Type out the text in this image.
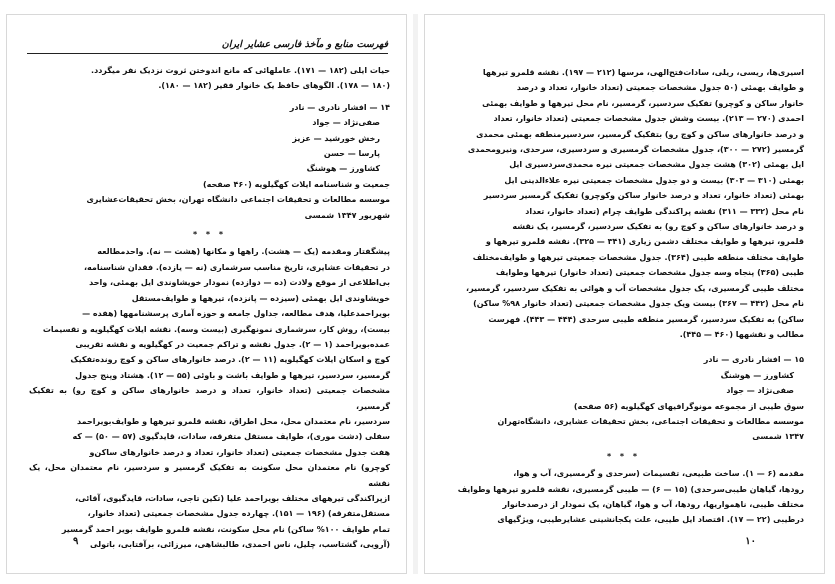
فهرست منابع و مآخذ فارسی عشایر ایران

حیات ایلی (۱۸۲ — ۱۷۱). عاملهائی که مانع اندوختن ثروت نزدیک نفر میگردد.

(۱۸۰ — ۱۷۸). الگوهای حافظ یک خانوار فقیر (۱۸۲ — ۱۸۰).

۱۴ — افشار نادری — نادر

صفی‌نژاد — جواد

رخش خورشید — عزیز

پارسا — حسن

کشاورز — هوشنگ

جمعیت و شناسنامه ایلات کهگیلویه (۴۶۰ صفحه)

موسسه مطالعات و تحقیقات اجتماعی دانشگاه تهران، بخش تحقیقات‌عشایری

شهریور ۱۳۴۷ شمسی

* * *

پیشگفتار ومقدمه (یک — هشت). راهها و مکانها (هشت — نه). واحدمطالعه

در تحقیقات عشایری، تاریخ مناسب سرشماری (نه — یازده). فقدان شناسنامه،

بی‌اطلاعی از موقع ولادت (ده — دوازده) نمودار خویشاوندی ایل بهمئی، واحد

خویشاوندی ایل بهمئی (سیزده — پانزده)، تیرهها و طوایف‌مستقل

بویراحمدعلیا، هدف مطالعه، جداول جامعه و حوزه آماری پرسشنامهها (هفده —

بیست)، روش کار، سرشماری نمونهگیری (بیست وسه). نقشه ایلات کهگیلویه و تقسیمات

عمده‌بویراحمد (۱ — ۲). جدول نقشه و تراکم جمعیت در کهگیلویه و نقشه تقریبی

کوچ و اسکان ایلات کهگیلویه (۱۱ — ۲). درصد خانوارهای ساکن و کوچ رونده‌تفکیک

گرمسیر، سردسیر، تیرهها و طوایف باشت و باوئی (۵۵ — ۱۲). هشتاد وپنج جدول

مشخصات جمعیتی (تعداد خانوار، تعداد و درصد خانوارهای ساکن و کوچ رو) به تفکیک گرمسیر،

سردسیر، نام معتمدان محل، محل اطراق، نقشه قلمرو تیرهها و طوایف‌بویراحمد

سفلی (دشت موری)، طوایف مستقل متفرقه، سادات، قایدگیوی (۵۷ — ۵۰) — که

هفت جدول مشخصات جمعیتی (تعداد خانوار، تعداد و درصد خانوارهای ساکن‌و

کوچرو) نام معتمدان محل سکونت به تفکیک گرمسیر و سردسیر، نام معتمدان محل، یک نقشه

ازپراکندگی تیرههای مختلف بویراحمد علیا (تکین تاجی، سادات، قایدگیوی، آقائی،

مستقل‌متفرقه) (۱۹۶ — ۱۵۱). چهارده جدول مشخصات جمعیتی (تعداد خانوار،

تمام طوایف ۱۰۰% ساکن) نام محل سکونت، نقشه قلمرو طوایف بویر احمد گرمسیر

(آرویی، گشتاسب، چلیل، ناس احمدی، طالبشاهی، میرزائی، برآفتابی، باتولی

۹

اسیری‌ها، ریسی، ریلی، سادات‌فتح‌الهی، مرسها (۲۱۲ — ۱۹۷). نقشه قلمرو تیرهها

و طوایف بهمئی (۵۰ جدول مشخصات جمعیتی (تعداد خانوار، تعداد و درصد

خانوار ساکن و کوچرو) تفکیک سردسیر، گرمسیر، نام محل تیرهها و طوایف بهمئی

احمدی (۲۷۰ — ۲۱۳). بیست وشش جدول مشخصات جمعیتی (تعداد خانوار، تعداد

و درصد خانوارهای ساکن و کوچ رو) بتفکیک گرمسیر، سردسیرمنطقه بهمئی محمدی

گرمسیر (۲۷۲ — ۳۰۰)، جدول مشخصات گرمسیری و سردسیری، سرحدی، ونیرومحمدی

ایل بهمئی (۳۰۲) هشت جدول مشخصات جمعیتی نیره محمدی‌سردسیری ایل

بهمئی (۳۱۰ — ۳۰۳) بیست و دو جدول مشخصات جمعیتی نیره علاءالدینی ایل

بهمئی (تعداد خانوار، تعداد و درصد خانوار ساکن وکوچرو) تفکیک گرمسیر سردسیر

نام محل (۳۳۲ — ۳۱۱) نقشه پراکندگی طوایف چرام (تعداد خانوار، تعداد

و درصد خانوارهای ساکن و کوچ رو) به تفکیک سردسیر، گرمسیر، یک نقشه

قلمرو، تیرهها و طوایف مختلف دشمن زیاری (۳۴۱ — ۳۲۵). نقشه قلمرو تیرهها و

طوایف مختلف منطقه طیبی (۳۶۴). جدول مشخصات جمعیتی تیرهها و طوایف‌مختلف

طیبی (۳۶۵) پنجاه وسه جدول مشخصات جمعیتی (تعداد خانوار) تیرهها وطوایف

مختلف طیبی گرمسیری، یک جدول مشخصات آب و هوائی به تفکیک سردسیر، گرمسیر،

نام محل (۴۴۲ — ۳۶۷) بیست ویک جدول مشخصات جمعیتی (تعداد خانوار ۹۸% ساکن)

ساکن) به تفکیک سردسیر، گرمسیر منطقه طیبی سرحدی (۴۴۴ — ۴۴۳). فهرست

مطالب و نقشهها (۴۶۰ — ۴۴۵).

۱۵ — افشار نادری — نادر

کشاورز — هوشنگ

صفی‌نژاد — جواد

سوق طیبی از مجموعه مونوگرافیهای کهگیلویه (۵۶ صفحه)

موسسه مطالعات و تحقیقات اجتماعی، بخش تحقیقات عشایری، دانشگاه‌تهران

۱۳۴۷ شمسی

* * *

مقدمه (۶ — ۱). ساخت طبیعی، تقسیمات (سرحدی و گرمسیری، آب و هوا،

رودها، گیاهان طیبی‌سرحدی) (۱۵ — ۶) — طیبی گرمسیری، نقشه قلمرو تیرهها وطوایف

مختلف طیبی، ناهمواریها، رودها، آب و هوا، گیاهان، یک نمودار از درصدخانوار

درطیبی (۲۲ — ۱۷). اقتصاد ایل طیبی، علت یکجانشینی عشایرطیبی، ویژگیهای

۱۰
